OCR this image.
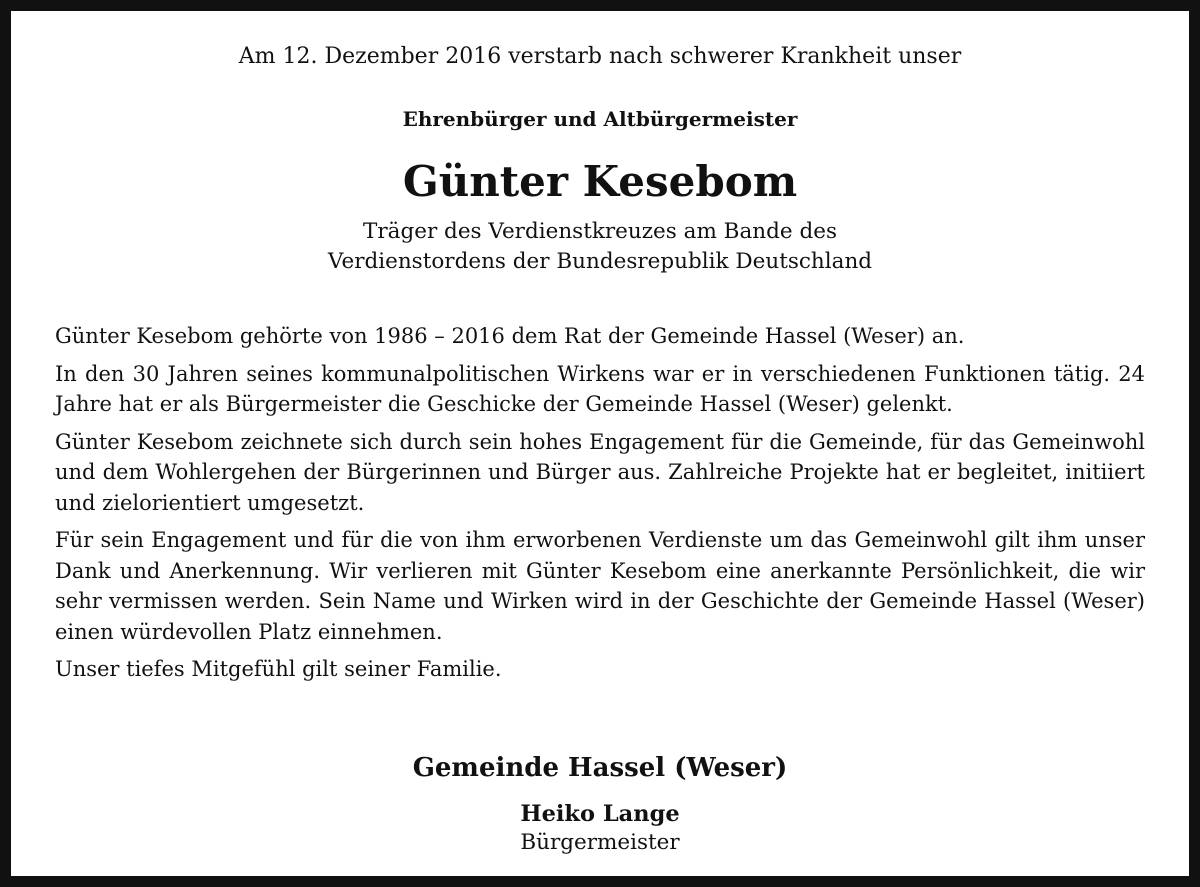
Am 12. Dezember 2016 verstarb nach schwerer Krankheit unser
Ehrenbürger und Altbürgermeister
Günter Kesebom
Träger des Verdienstkreuzes am Bande des
Verdienstordens der Bundesrepublik Deutschland

Günter Kesebom gehörte von 1986 – 2016 dem Rat der Gemeinde Hassel (Weser) an.

In den 30 Jahren seines kommunalpolitischen Wirkens war er in verschiedenen Funktionen tätig. 24 Jahre hat er als Bürgermeister die Geschicke der Gemeinde Hassel (Weser) gelenkt.

Günter Kesebom zeichnete sich durch sein hohes Engagement für die Gemeinde, für das Gemeinwohl und dem Wohlergehen der Bürgerinnen und Bürger aus. Zahlreiche Projekte hat er begleitet, initiiert und zielorientiert umgesetzt.

Für sein Engagement und für die von ihm erworbenen Verdienste um das Gemeinwohl gilt ihm unser Dank und Anerkennung. Wir verlieren mit Günter Kesebom eine anerkannte Persönlichkeit, die wir sehr vermissen werden. Sein Name und Wirken wird in der Geschichte der Gemeinde Hassel (Weser) einen würdevollen Platz einnehmen.

Unser tiefes Mitgefühl gilt seiner Familie.

Gemeinde Hassel (Weser)
Heiko Lange
Bürgermeister
